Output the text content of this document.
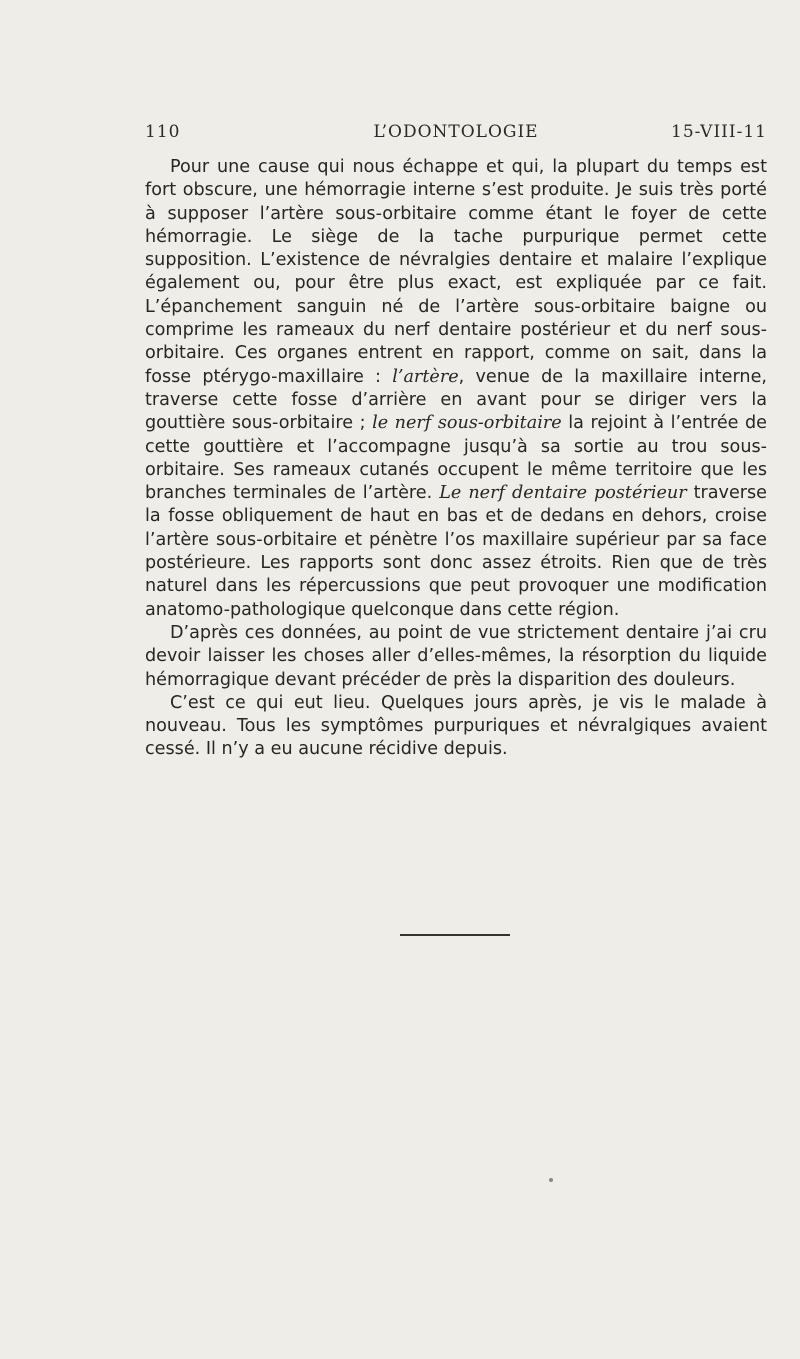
110	L’ODONTOLOGIE	15-VIII-11

Pour une cause qui nous échappe et qui, la plupart du temps est fort obscure, une hémorragie interne s’est produite. Je suis très porté à supposer l’artère sous-orbitaire comme étant le foyer de cette hémorragie. Le siège de la tache purpurique permet cette supposition. L’existence de névralgies dentaire et malaire l’explique également ou, pour être plus exact, est expliquée par ce fait. L’épanchement sanguin né de l’artère sous-orbitaire baigne ou comprime les rameaux du nerf dentaire postérieur et du nerf sous-orbitaire. Ces organes entrent en rapport, comme on sait, dans la fosse ptérygo-maxillaire : l’artère, venue de la maxillaire interne, traverse cette fosse d’arrière en avant pour se diriger vers la gouttière sous-orbitaire ; le nerf sous-orbitaire la rejoint à l’entrée de cette gouttière et l’accompagne jusqu’à sa sortie au trou sous-orbitaire. Ses rameaux cutanés occupent le même territoire que les branches terminales de l’artère. Le nerf dentaire postérieur traverse la fosse obliquement de haut en bas et de dedans en dehors, croise l’artère sous-orbitaire et pénètre l’os maxillaire supérieur par sa face postérieure. Les rapports sont donc assez étroits. Rien que de très naturel dans les répercussions que peut provoquer une modification anatomo-pathologique quelconque dans cette région.

D’après ces données, au point de vue strictement dentaire j’ai cru devoir laisser les choses aller d’elles-mêmes, la résorption du liquide hémorragique devant précéder de près la disparition des douleurs.

C’est ce qui eut lieu. Quelques jours après, je vis le malade à nouveau. Tous les symptômes purpuriques et névralgiques avaient cessé. Il n’y a eu aucune récidive depuis.
